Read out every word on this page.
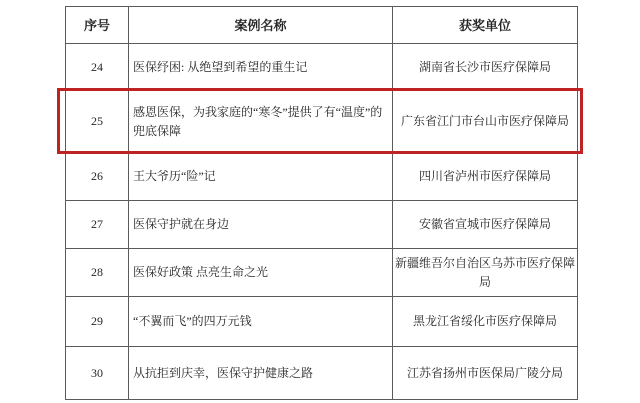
序号	案例名称	获奖单位
24	医保纾困: 从绝望到希望的重生记	湖南省长沙市医疗保障局
25	感恩医保，为我家庭的“寒冬”提供了有“温度”的兜底保障	广东省江门市台山市医疗保障局
26	王大爷历“险”记	四川省泸州市医疗保障局
27	医保守护就在身边	安徽省宣城市医疗保障局
28	医保好政策 点亮生命之光	新疆维吾尔自治区乌苏市医疗保障局
29	“不翼而飞”的四万元钱	黑龙江省绥化市医疗保障局
30	从抗拒到庆幸，医保守护健康之路	江苏省扬州市医保局广陵分局
